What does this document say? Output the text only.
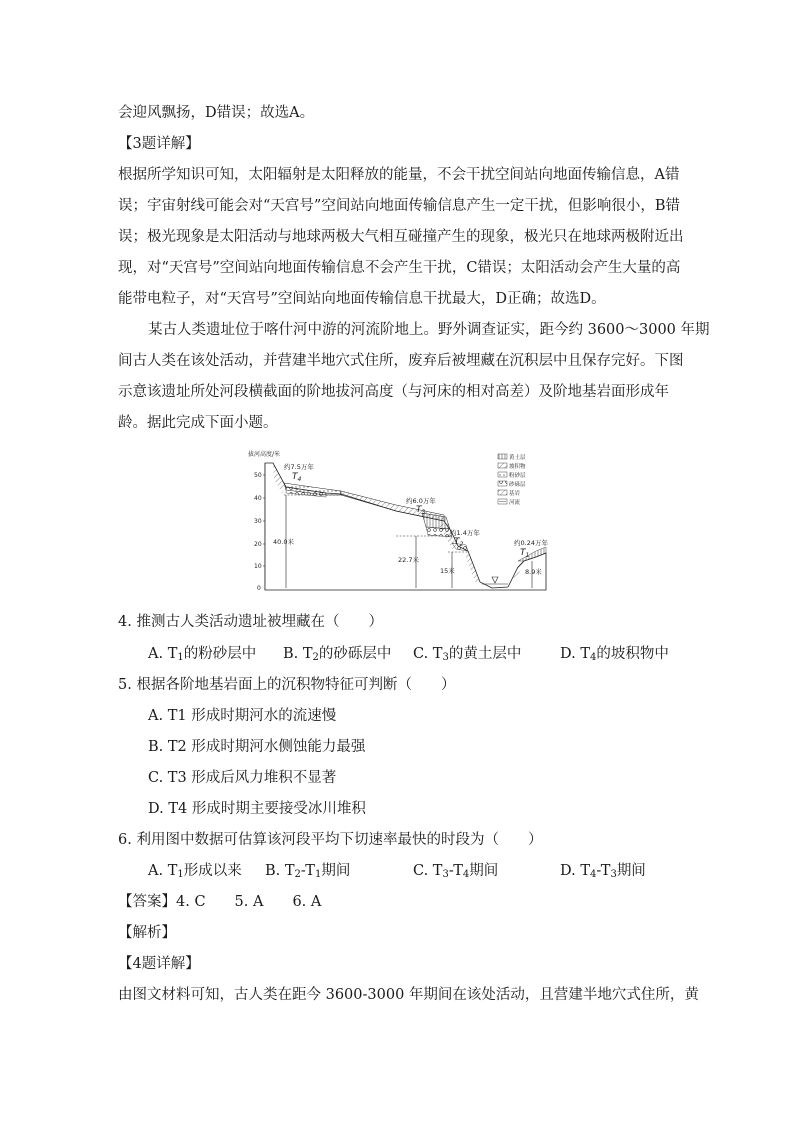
会迎风飘扬，D错误；故选A。
【3题详解】
根据所学知识可知，太阳辐射是太阳释放的能量，不会干扰空间站向地面传输信息，A错
误；宇宙射线可能会对“天宫号”空间站向地面传输信息产生一定干扰，但影响很小，B错
误；极光现象是太阳活动与地球两极大气相互碰撞产生的现象，极光只在地球两极附近出
现，对“天宫号”空间站向地面传输信息不会产生干扰，C错误；太阳活动会产生大量的高
能带电粒子，对“天宫号”空间站向地面传输信息干扰最大，D正确；故选D。
某古人类遗址位于喀什河中游的河流阶地上。野外调查证实，距今约 3600～3000 年期
间古人类在该处活动，并营建半地穴式住所，废弃后被埋藏在沉积层中且保存完好。下图
示意该遗址所处河段横截面的阶地拔河高度（与河床的相对高差）及阶地基岩面形成年
龄。据此完成下面小题。
拔河高度/米
50
40
30
20
10
0
40.0米
22.7米
15米	8.9米
约7.5万年
$T_4$
约6.0万年
$T_3$
约1.4万年
$T_2$	约0.24万年
$T_1$
黄土层
坡积物
粉砂层
砂砾层
基岩
河流
4. 推测古人类活动遗址被埋藏在（　　）
A. $T_1$的粉砂层中 B. $T_2$的砂砾层中 C. $T_3$的黄土层中	D. $T_4$的坡积物中
5. 根据各阶地基岩面上的沉积物特征可判断（　　）
A. T1 形成时期河水的流速慢
B. T2 形成时期河水侧蚀能力最强
C. T3 形成后风力堆积不显著
D. T4 形成时期主要接受冰川堆积
6. 利用图中数据可估算该河段平均下切速率最快的时段为（　　）
A. $T_1$形成以来 B. $T_2-T_1$期间	C. $T_3-T_4$期间	D. $T_4-T_3$期间
【答案】4. C　　5. A　　6. A
【解析】
【4题详解】
由图文材料可知，古人类在距今 3600-3000 年期间在该处活动，且营建半地穴式住所，黄
